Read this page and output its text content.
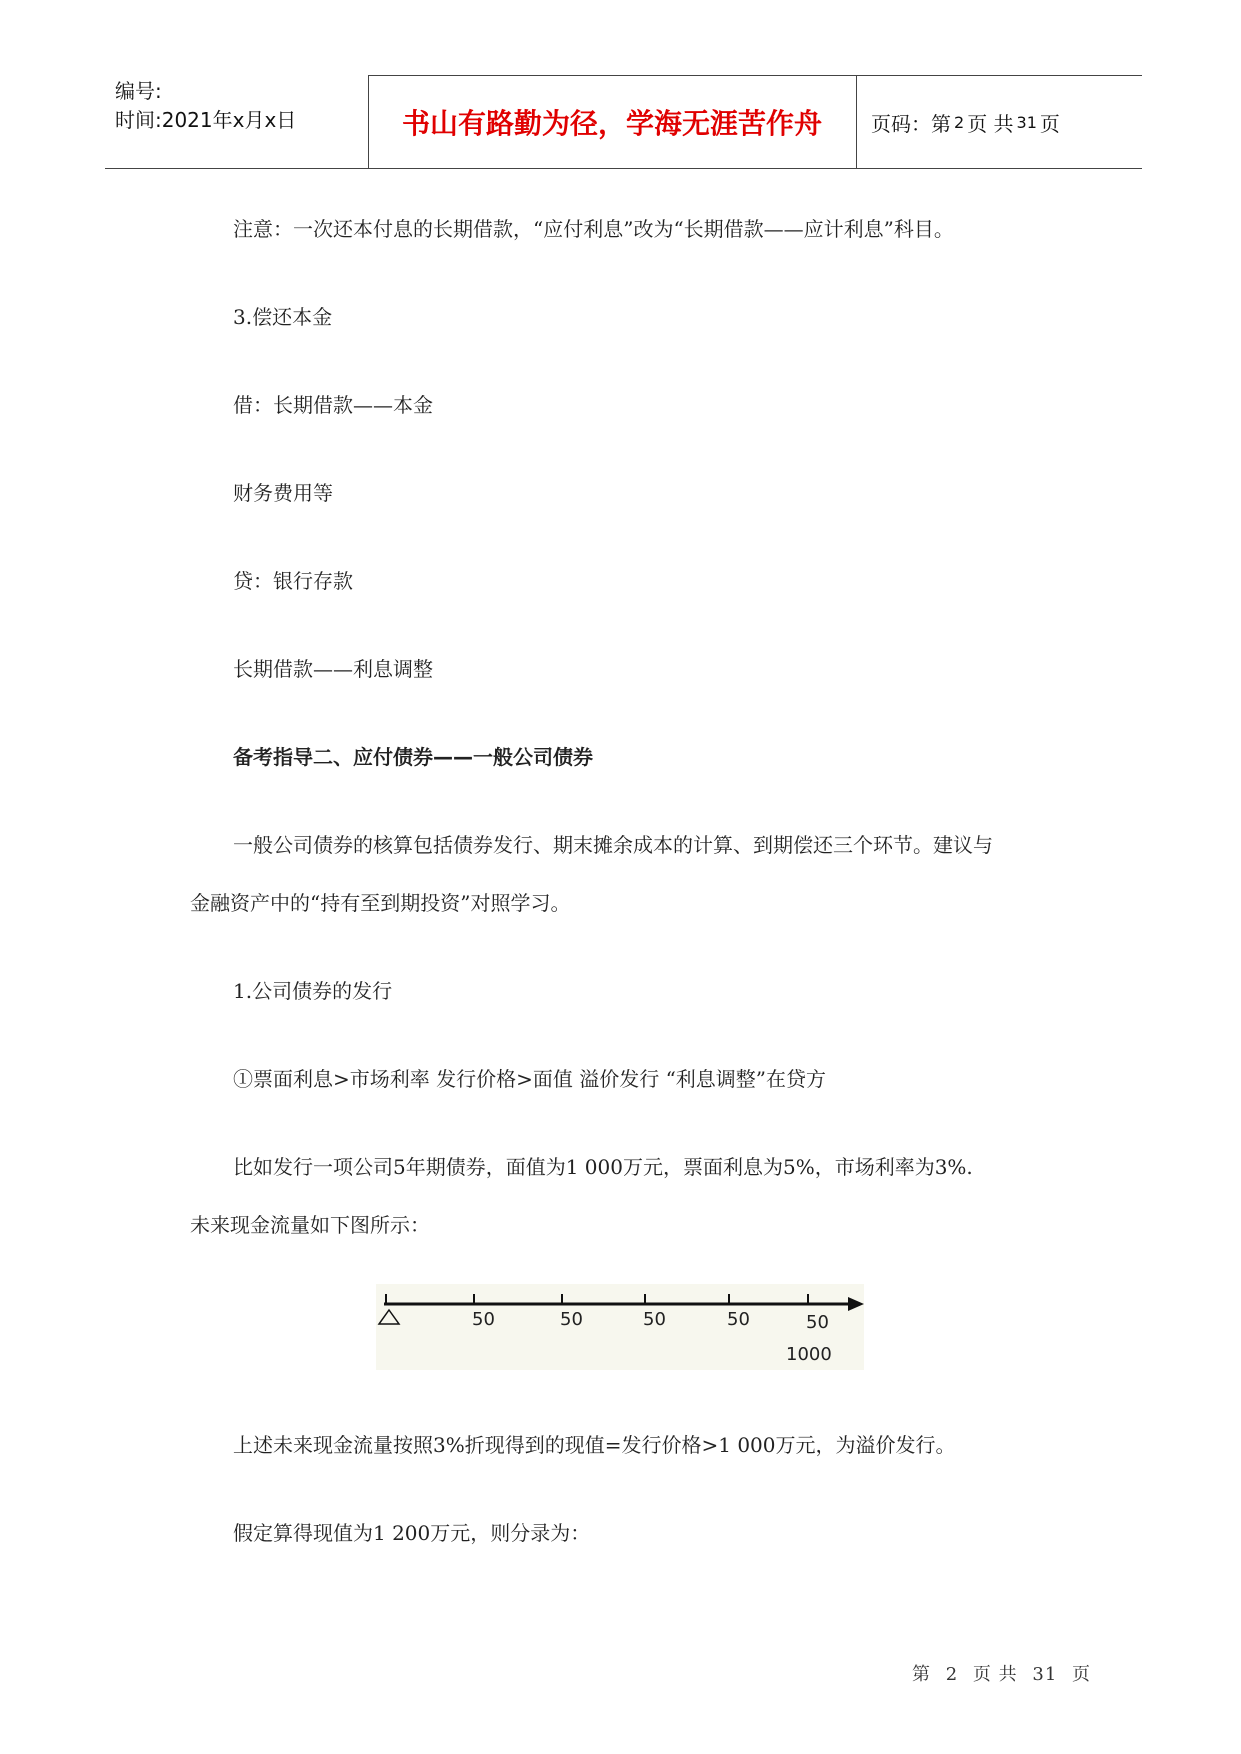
编号:
时间:2021年x月x日	书山有路勤为径，学海无涯苦作舟	页码：第 2 页 共 31 页
注意：一次还本付息的长期借款，“应付利息”改为“长期借款——应计利息”科目。
3.偿还本金
借：长期借款——本金
财务费用等
贷：银行存款
长期借款——利息调整
备考指导二、应付债券——一般公司债券
一般公司债券的核算包括债券发行、期末摊余成本的计算、到期偿还三个环节。建议与
金融资产中的“持有至到期投资”对照学习。
1.公司债券的发行
①票面利息>市场利率 发行价格>面值 溢价发行 “利息调整”在贷方
比如发行一项公司5年期债券，面值为1 000万元，票面利息为5%，市场利率为3%.
未来现金流量如下图所示：
50	50	50	50	50
1000
上述未来现金流量按照3%折现得到的现值=发行价格>1 000万元，为溢价发行。
假定算得现值为1 200万元，则分录为：
第 2 页 共 31 页
